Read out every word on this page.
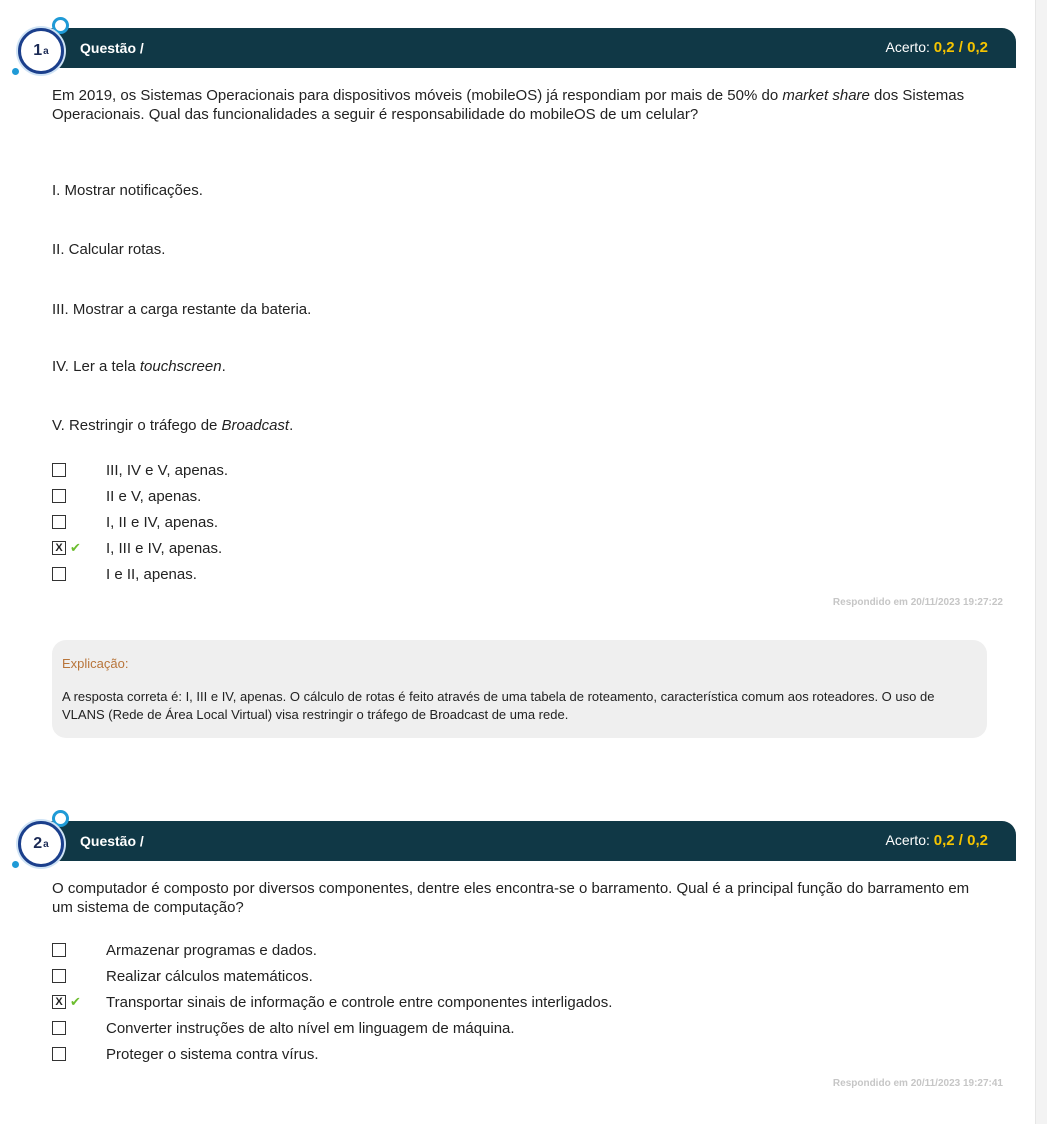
Questão /	Acerto: 0,2 / 0,2
1 a
Em 2019, os Sistemas Operacionais para dispositivos móveis (mobileOS) já respondiam por mais de 50% do market share dos Sistemas Operacionais. Qual das funcionalidades a seguir é responsabilidade do mobileOS de um celular?
I. Mostrar notificações.
II. Calcular rotas.
III. Mostrar a carga restante da bateria.
IV. Ler a tela touchscreen.
V. Restringir o tráfego de Broadcast.
III, IV e V, apenas.
II e V, apenas.
I, II e IV, apenas.
X ✔	I, III e IV, apenas.
I e II, apenas.
Respondido em 20/11/2023 19:27:22
Explicação:
A resposta correta é: I, III e IV, apenas. O cálculo de rotas é feito através de uma tabela de roteamento, característica comum aos roteadores. O uso de VLANS (Rede de Área Local Virtual) visa restringir o tráfego de Broadcast de uma rede.
Questão /	Acerto: 0,2 / 0,2
2 a
O computador é composto por diversos componentes, dentre eles encontra-se o barramento. Qual é a principal função do barramento em um sistema de computação?
Armazenar programas e dados.
Realizar cálculos matemáticos.
X ✔	Transportar sinais de informação e controle entre componentes interligados.
Converter instruções de alto nível em linguagem de máquina.
Proteger o sistema contra vírus.
Respondido em 20/11/2023 19:27:41
